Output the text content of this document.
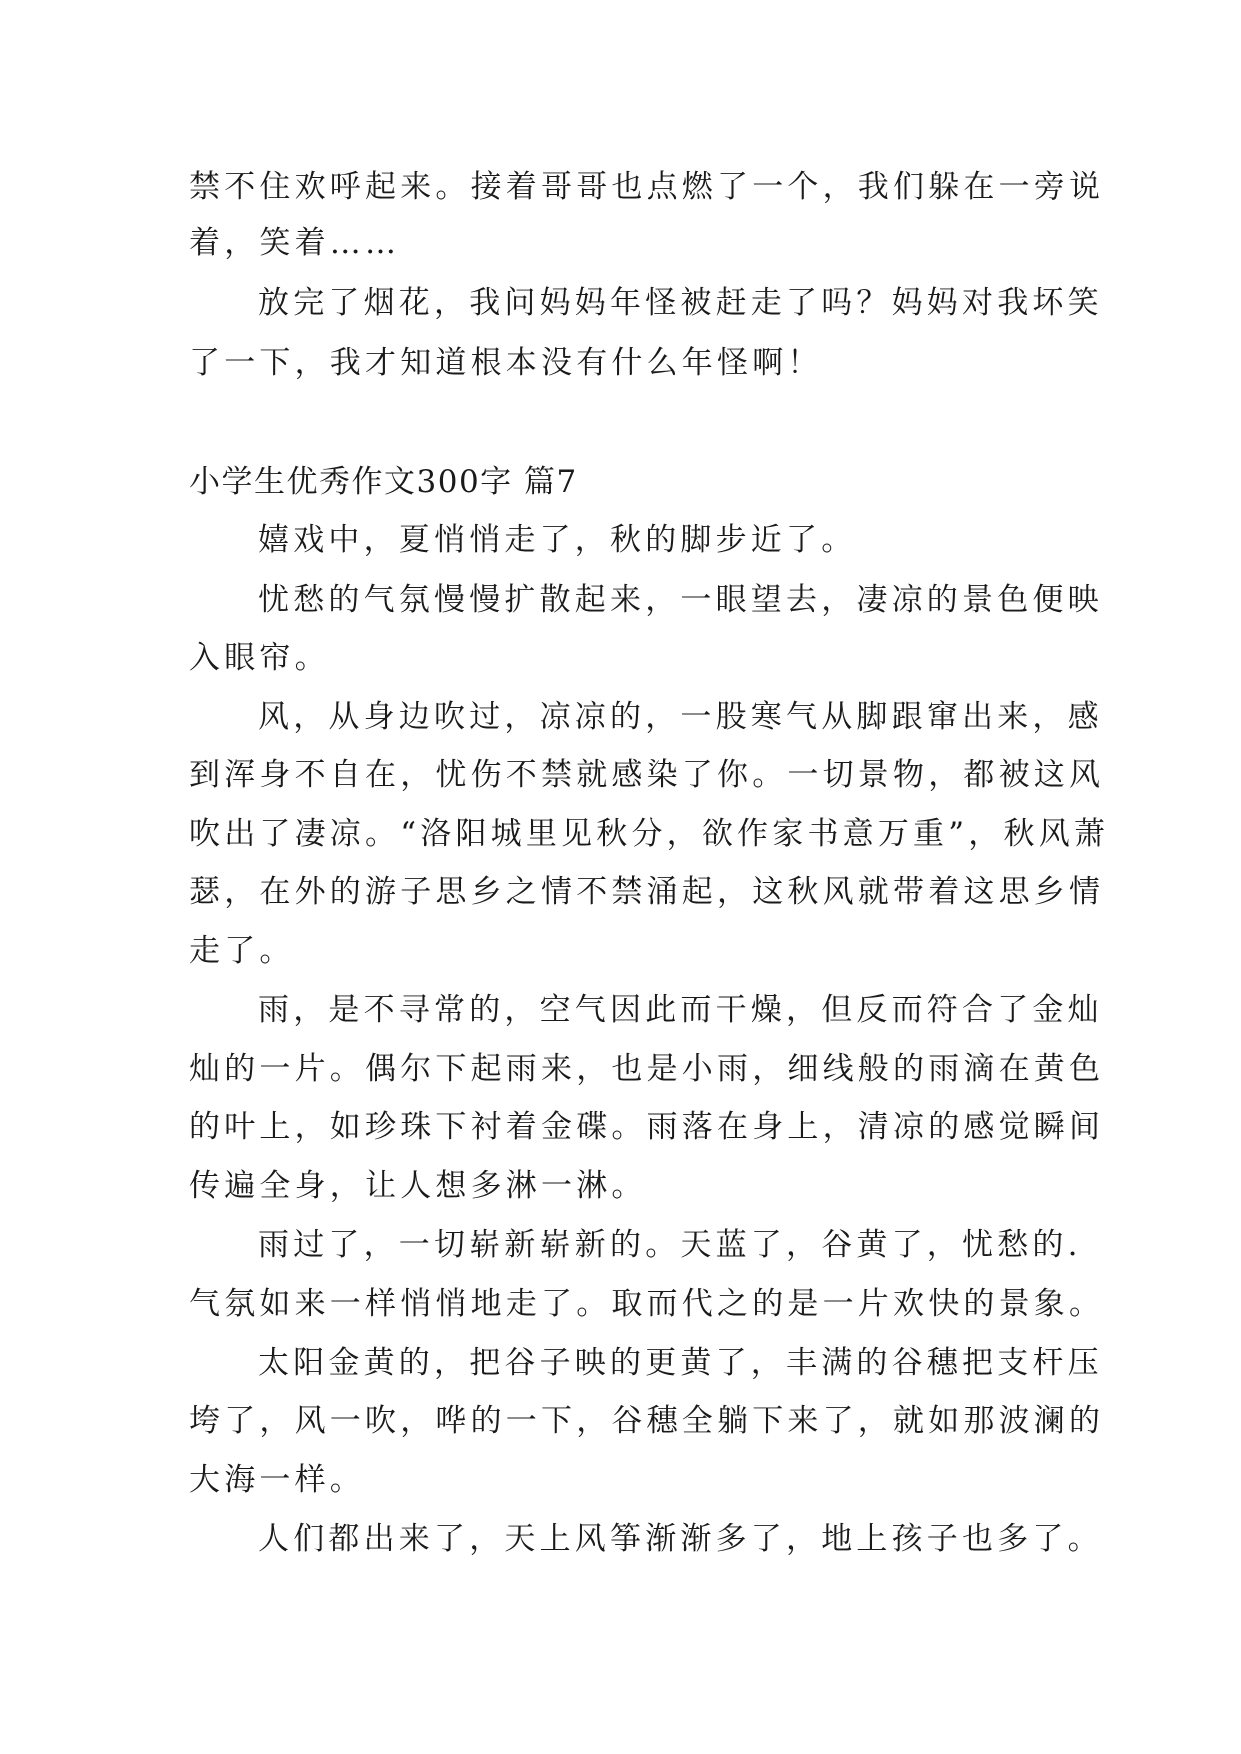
禁不住欢呼起来。接着哥哥也点燃了一个，我们躲在一旁说
着，笑着……
放完了烟花，我问妈妈年怪被赶走了吗？妈妈对我坏笑
了一下，我才知道根本没有什么年怪啊！
小学生优秀作文300字 篇7
嬉戏中，夏悄悄走了，秋的脚步近了。
忧愁的气氛慢慢扩散起来，一眼望去，凄凉的景色便映
入眼帘。
风，从身边吹过，凉凉的，一股寒气从脚跟窜出来，感
到浑身不自在，忧伤不禁就感染了你。一切景物，都被这风
吹出了凄凉。“洛阳城里见秋分，欲作家书意万重”，秋风萧
瑟，在外的游子思乡之情不禁涌起，这秋风就带着这思乡情
走了。
雨，是不寻常的，空气因此而干燥，但反而符合了金灿
灿的一片。偶尔下起雨来，也是小雨，细线般的雨滴在黄色
的叶上，如珍珠下衬着金碟。雨落在身上，清凉的感觉瞬间
传遍全身，让人想多淋一淋。
雨过了，一切崭新崭新的。天蓝了，谷黄了，忧愁的.
气氛如来一样悄悄地走了。取而代之的是一片欢快的景象。
太阳金黄的，把谷子映的更黄了，丰满的谷穗把支杆压
垮了，风一吹，哗的一下，谷穗全躺下来了，就如那波澜的
大海一样。
人们都出来了，天上风筝渐渐多了，地上孩子也多了。
